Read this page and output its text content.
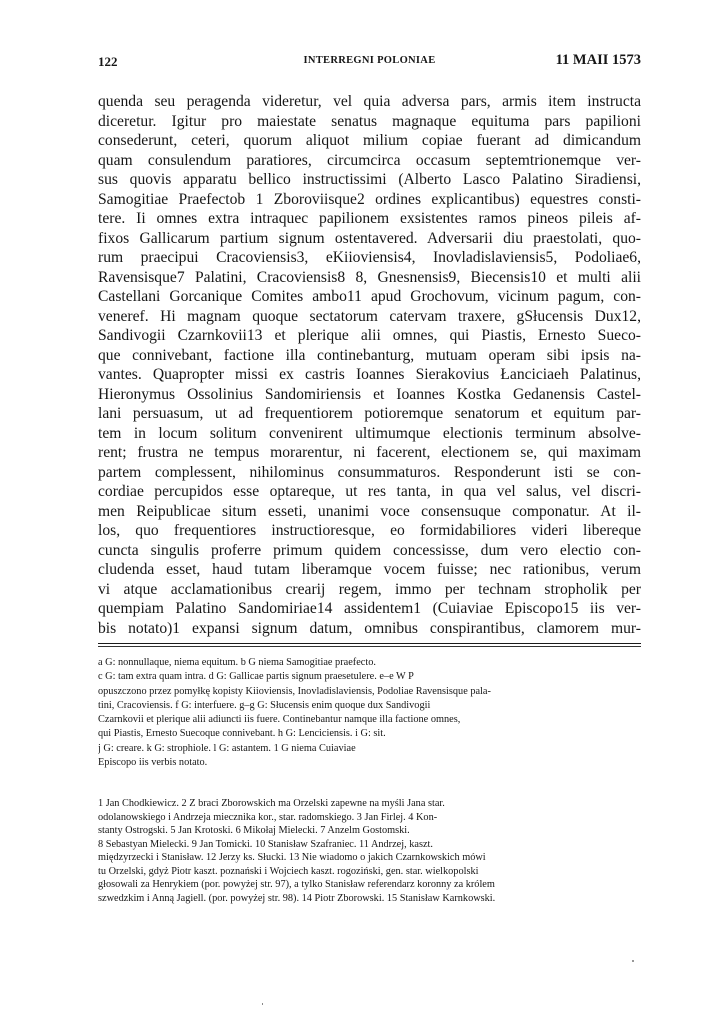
122	INTERREGNI POLONIAE	11 MAII 1573
quenda seu peragenda videretur, vel quia adversa pars, armis item instructa
diceretur. Igitur pro maiestate senatus magnaque equituma pars papilioni
consederunt, ceteri, quorum aliquot milium copiae fuerant ad dimicandum
quam consulendum paratiores, circumcirca occasum septemtrionemque ver-
sus quovis apparatu bellico instructissimi (Alberto Lasco Palatino Siradiensi,
Samogitiae Praefectob 1 Zboroviisque2 ordines explicantibus) equestres consti-
tere. Ii omnes extra intraquec papilionem exsistentes ramos pineos pileis af-
fixos Gallicarum partium signum ostentavered. Adversarii diu praestolati, quo-
rum praecipui Cracoviensis3, eKiioviensis4, Inovladislaviensis5, Podoliae6,
Ravensisque7 Palatini, Cracoviensis8 8, Gnesnensis9, Biecensis10 et multi alii
Castellani Gorcanique Comites ambo11 apud Grochovum, vicinum pagum, con-
veneref. Hi magnam quoque sectatorum catervam traxere, gSłucensis Dux12,
Sandivogii Czarnkovii13 et plerique alii omnes, qui Piastis, Ernesto Sueco-
que connivebant, factione illa continebanturg, mutuam operam sibi ipsis na-
vantes. Quapropter missi ex castris Ioannes Sierakovius Łanciciaeh Palatinus,
Hieronymus Ossolinius Sandomiriensis et Ioannes Kostka Gedanensis Castel-
lani persuasum, ut ad frequentiorem potioremque senatorum et equitum par-
tem in locum solitum convenirent ultimumque electionis terminum absolve-
rent; frustra ne tempus morarentur, ni facerent, electionem se, qui maximam
partem complessent, nihilominus consummaturos. Responderunt isti se con-
cordiae percupidos esse optareque, ut res tanta, in qua vel salus, vel discri-
men Reipublicae situm esseti, unanimi voce consensuque componatur. At il-
los, quo frequentiores instructioresque, eo formidabiliores videri libereque
cuncta singulis proferre primum quidem concessisse, dum vero electio con-
cludenda esset, haud tutam liberamque vocem fuisse; nec rationibus, verum
vi atque acclamationibus crearij regem, immo per technam stropholik per
quempiam Palatino Sandomiriae14 assidentem1 (Cuiaviae Episcopo15 iis ver-
bis notato)1 expansi signum datum, omnibus conspirantibus, clamorem mur-
a G: nonnullaque, niema equitum. b G niema Samogitiae praefecto.
c G: tam extra quam intra. d G: Gallicae partis signum praesetulere. e–e W P
opuszczono przez pomyłkę kopisty Kiioviensis, Inovladislaviensis, Podoliae Ravensisque pala-
tini, Cracoviensis. f G: interfuere. g–g G: Słucensis enim quoque dux Sandivogii
Czarnkovii et plerique alii adiuncti iis fuere. Continebantur namque illa factione omnes,
qui Piastis, Ernesto Suecoque connivebant. h G: Lenciciensis. i G: sit.
j G: creare. k G: strophiole. l G: astantem. 1 G niema Cuiaviae
Episcopo iis verbis notato.
1 Jan Chodkiewicz. 2 Z braci Zborowskich ma Orzelski zapewne na myśli Jana star.
odolanowskiego i Andrzeja miecznika kor., star. radomskiego. 3 Jan Firlej. 4 Kon-
stanty Ostrogski. 5 Jan Krotoski. 6 Mikołaj Mielecki. 7 Anzelm Gostomski.
8 Sebastyan Mielecki. 9 Jan Tomicki. 10 Stanisław Szafraniec. 11 Andrzej, kaszt.
międzyrzecki i Stanisław. 12 Jerzy ks. Słucki. 13 Nie wiadomo o jakich Czarnkowskich mówi
tu Orzelski, gdyż Piotr kaszt. poznański i Wojciech kaszt. rogoziński, gen. star. wielkopolski
głosowali za Henrykiem (por. powyżej str. 97), a tylko Stanisław referendarz koronny za królem
szwedzkim i Anną Jagiell. (por. powyżej str. 98). 14 Piotr Zborowski. 15 Stanisław Karnkowski.
